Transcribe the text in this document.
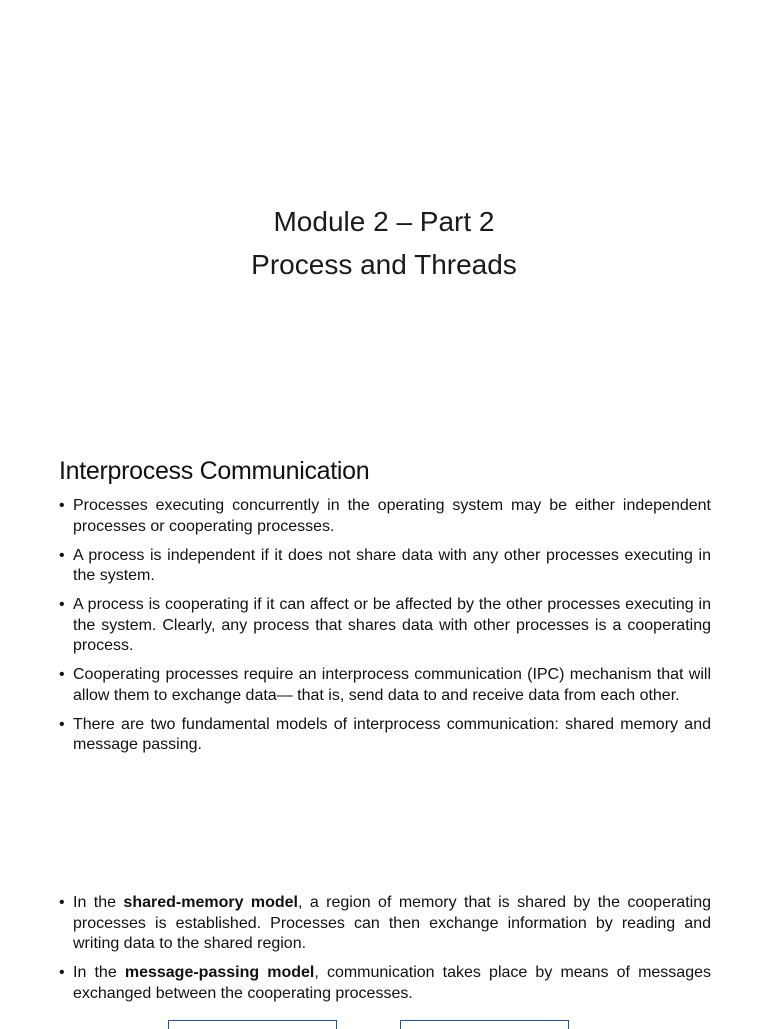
Module 2 – Part 2
Process and Threads
Interprocess Communication
• Processes executing concurrently in the operating system may be either independent processes or cooperating processes.
• A process is independent if it does not share data with any other processes executing in the system.
• A process is cooperating if it can affect or be affected by the other processes executing in the system. Clearly, any process that shares data with other processes is a cooperating process.
• Cooperating processes require an interprocess communication (IPC) mechanism that will allow them to exchange data— that is, send data to and receive data from each other.
• There are two fundamental models of interprocess communication: shared memory and message passing.
• In the shared-memory model, a region of memory that is shared by the cooperating processes is established. Processes can then exchange information by reading and writing data to the shared region.
• In the message-passing model, communication takes place by means of messages exchanged between the cooperating processes.
